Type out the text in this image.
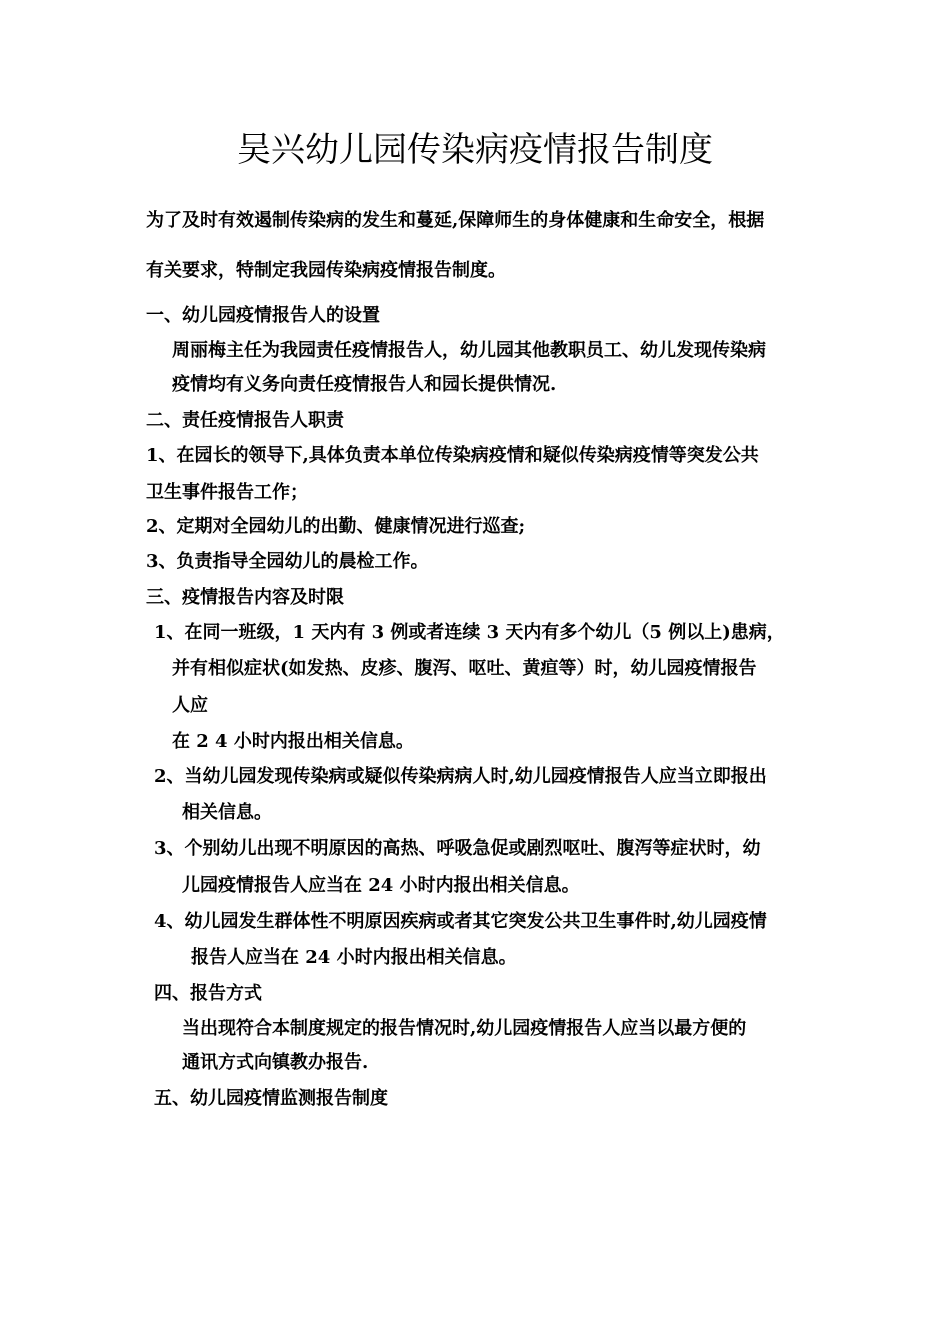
吴兴幼儿园传染病疫情报告制度

为了及时有效遏制传染病的发生和蔓延,保障师生的身体健康和生命安全，根据

有关要求，特制定我园传染病疫情报告制度。

一、幼儿园疫情报告人的设置

周丽梅主任为我园责任疫情报告人，幼儿园其他教职员工、幼儿发现传染病

疫情均有义务向责任疫情报告人和园长提供情况.

二、责任疫情报告人职责

1、在园长的领导下,具体负责本单位传染病疫情和疑似传染病疫情等突发公共

卫生事件报告工作；

2、定期对全园幼儿的出勤、健康情况进行巡查;

3、负责指导全园幼儿的晨检工作。

三、疫情报告内容及时限

1、在同一班级，1 天内有 3 例或者连续 3 天内有多个幼儿（5 例以上)患病，

并有相似症状(如发热、皮疹、腹泻、呕吐、黄疸等）时，幼儿园疫情报告

人应

在 2 4 小时内报出相关信息。

2、当幼儿园发现传染病或疑似传染病病人时,幼儿园疫情报告人应当立即报出

相关信息。

3、个别幼儿出现不明原因的高热、呼吸急促或剧烈呕吐、腹泻等症状时，幼

儿园疫情报告人应当在 24 小时内报出相关信息。

4、幼儿园发生群体性不明原因疾病或者其它突发公共卫生事件时,幼儿园疫情

报告人应当在 24 小时内报出相关信息。

四、报告方式

当出现符合本制度规定的报告情况时,幼儿园疫情报告人应当以最方便的

通讯方式向镇教办报告.

五、幼儿园疫情监测报告制度
